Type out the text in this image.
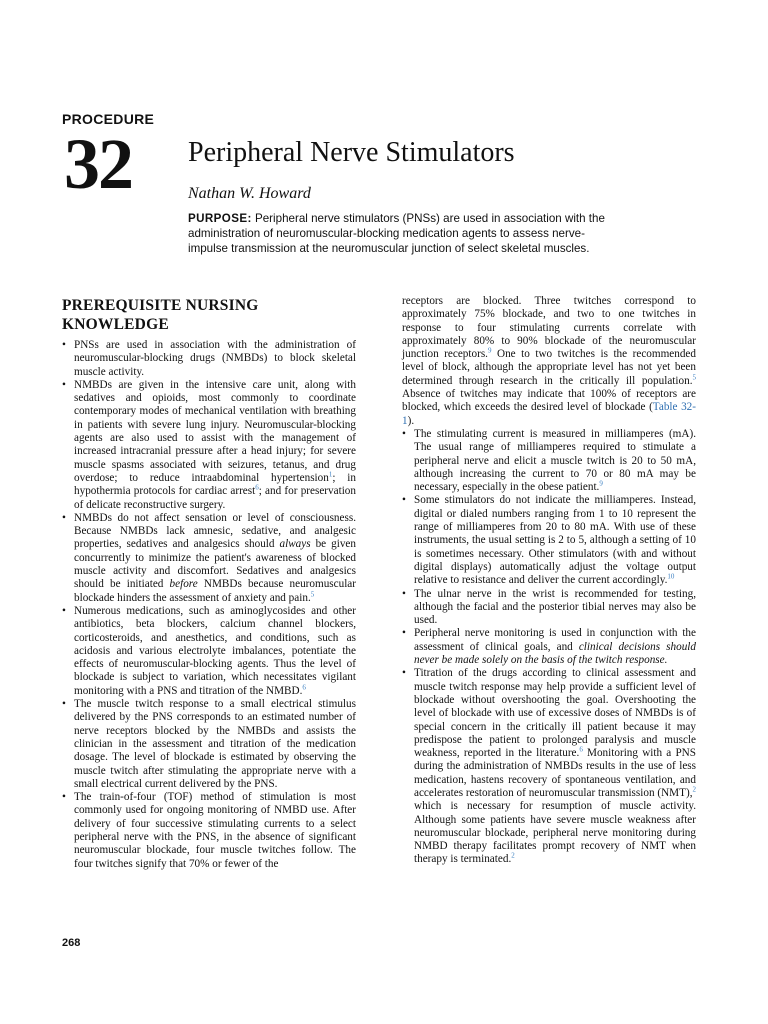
PROCEDURE
32 Peripheral Nerve Stimulators
Nathan W. Howard
PURPOSE: Peripheral nerve stimulators (PNSs) are used in association with the administration of neuromuscular-blocking medication agents to assess nerve-impulse transmission at the neuromuscular junction of select skeletal muscles.
PREREQUISITE NURSING
KNOWLEDGE
• PNSs are used in association with the administration of neuromuscular-blocking drugs (NMBDs) to block skeletal muscle activity.
• NMBDs are given in the intensive care unit, along with sedatives and opioids, most commonly to coordinate contemporary modes of mechanical ventilation with breathing in patients with severe lung injury. Neuromuscular-blocking agents are also used to assist with the management of increased intracranial pressure after a head injury; for severe muscle spasms associated with seizures, tetanus, and drug overdose; to reduce intraabdominal hypertension$^1$; in hypothermia protocols for cardiac arrest$^6$; and for preservation of delicate reconstructive surgery.
• NMBDs do not affect sensation or level of consciousness. Because NMBDs lack amnesic, sedative, and analgesic properties, sedatives and analgesics should always be given concurrently to minimize the patient's awareness of blocked muscle activity and discomfort. Sedatives and analgesics should be initiated before NMBDs because neuromuscular blockade hinders the assessment of anxiety and pain.$^5$
• Numerous medications, such as aminoglycosides and other antibiotics, beta blockers, calcium channel blockers, corticosteroids, and anesthetics, and conditions, such as acidosis and various electrolyte imbalances, potentiate the effects of neuromuscular-blocking agents. Thus the level of blockade is subject to variation, which necessitates vigilant monitoring with a PNS and titration of the NMBD.$^6$
• The muscle twitch response to a small electrical stimulus delivered by the PNS corresponds to an estimated number of nerve receptors blocked by the NMBDs and assists the clinician in the assessment and titration of the medication dosage. The level of blockade is estimated by observing the muscle twitch after stimulating the appropriate nerve with a small electrical current delivered by the PNS.
• The train-of-four (TOF) method of stimulation is most commonly used for ongoing monitoring of NMBD use. After delivery of four successive stimulating currents to a select peripheral nerve with the PNS, in the absence of significant neuromuscular blockade, four muscle twitches follow. The four twitches signify that 70% or fewer of the
receptors are blocked. Three twitches correspond to approximately 75% blockade, and two to one twitches in response to four stimulating currents correlate with approximately 80% to 90% blockade of the neuromuscular junction receptors.$^9$ One to two twitches is the recommended level of block, although the appropriate level has not yet been determined through research in the critically ill population.$^5$ Absence of twitches may indicate that 100% of receptors are blocked, which exceeds the desired level of blockade (Table 32-1).
• The stimulating current is measured in milliamperes (mA). The usual range of milliamperes required to stimulate a peripheral nerve and elicit a muscle twitch is 20 to 50 mA, although increasing the current to 70 or 80 mA may be necessary, especially in the obese patient.$^9$
• Some stimulators do not indicate the milliamperes. Instead, digital or dialed numbers ranging from 1 to 10 represent the range of milliamperes from 20 to 80 mA. With use of these instruments, the usual setting is 2 to 5, although a setting of 10 is sometimes necessary. Other stimulators (with and without digital displays) automatically adjust the voltage output relative to resistance and deliver the current accordingly.$^{10}$
• The ulnar nerve in the wrist is recommended for testing, although the facial and the posterior tibial nerves may also be used.
• Peripheral nerve monitoring is used in conjunction with the assessment of clinical goals, and clinical decisions should never be made solely on the basis of the twitch response.
• Titration of the drugs according to clinical assessment and muscle twitch response may help provide a sufficient level of blockade without overshooting the goal. Overshooting the level of blockade with use of excessive doses of NMBDs is of special concern in the critically ill patient because it may predispose the patient to prolonged paralysis and muscle weakness, reported in the literature.$^6$ Monitoring with a PNS during the administration of NMBDs results in the use of less medication, hastens recovery of spontaneous ventilation, and accelerates restoration of neuromuscular transmission (NMT),$^2$ which is necessary for resumption of muscle activity. Although some patients have severe muscle weakness after neuromuscular blockade, peripheral nerve monitoring during NMBD therapy facilitates prompt recovery of NMT when therapy is terminated.$^2$
268
